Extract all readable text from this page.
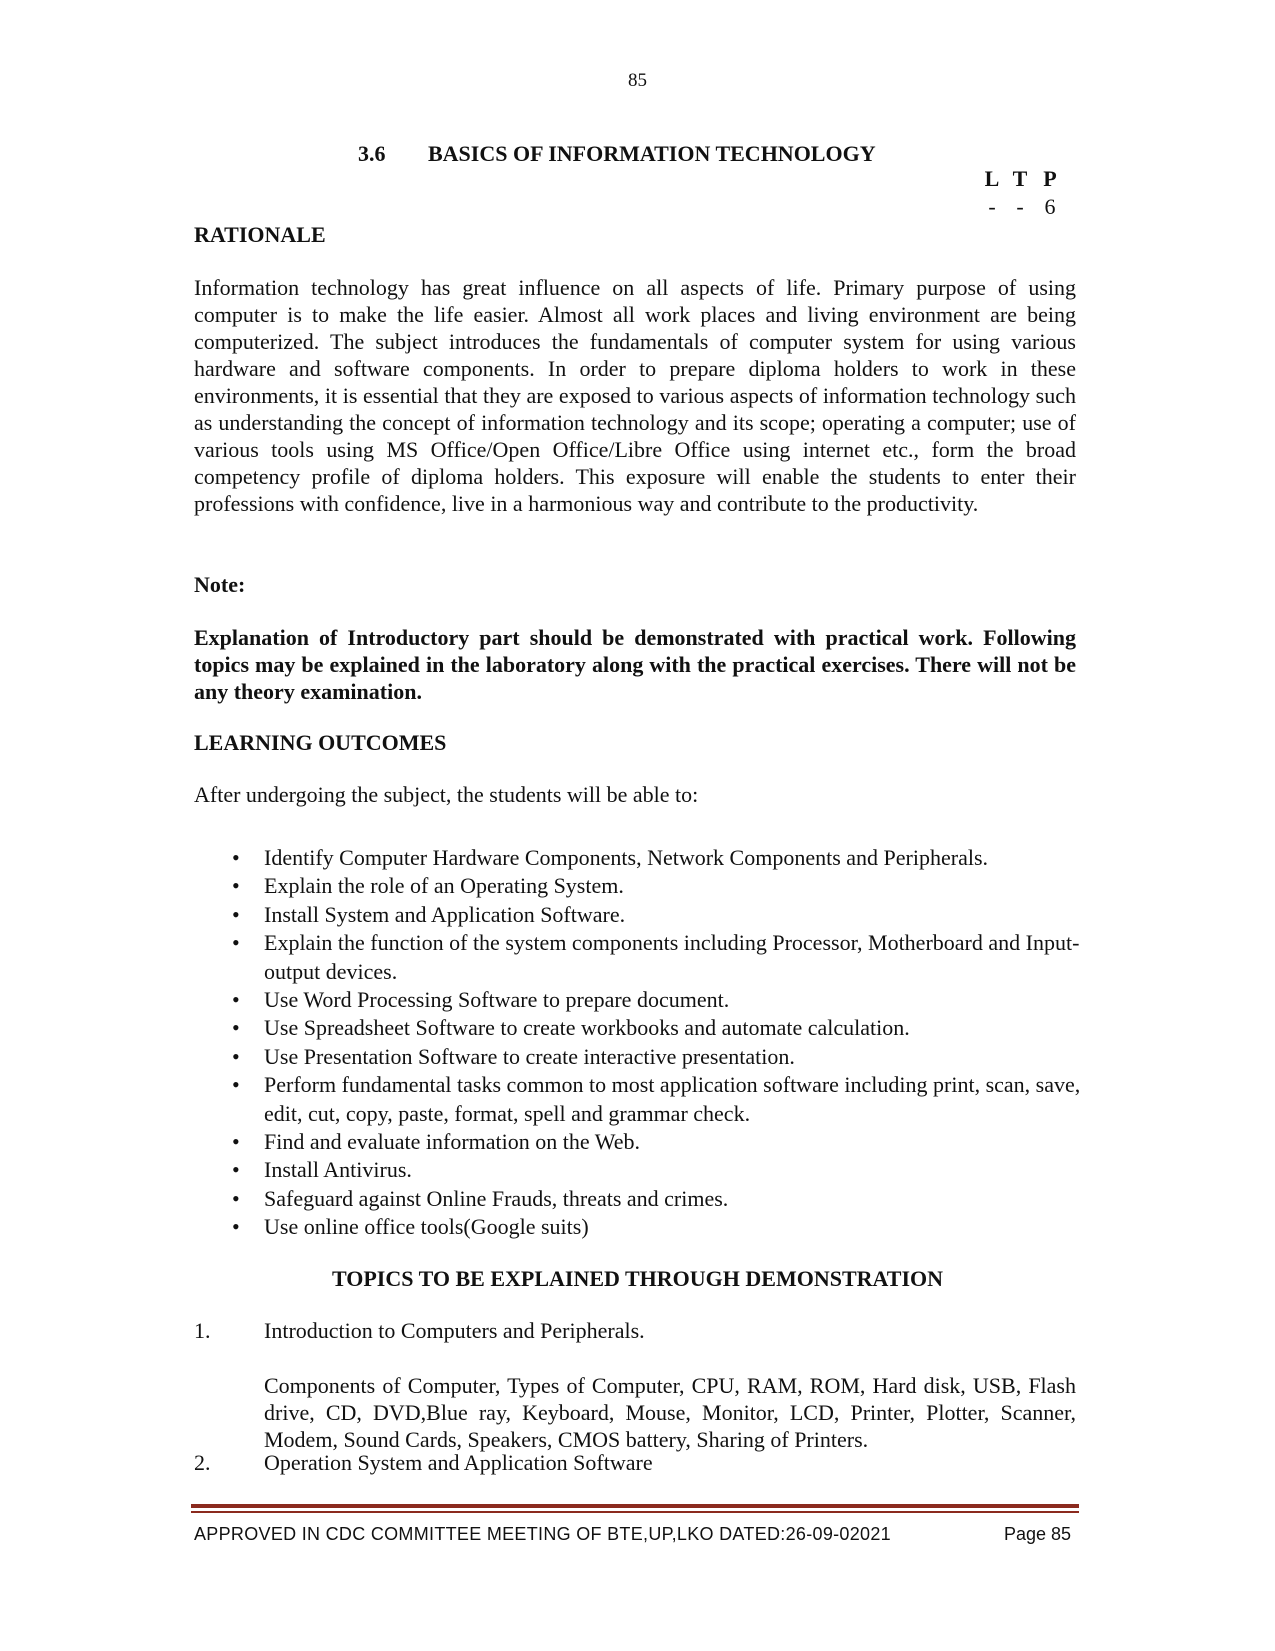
85
3.6 BASICS OF INFORMATION TECHNOLOGY
L T P
- - 6
RATIONALE
Information technology has great influence on all aspects of life. Primary purpose of using computer is to make the life easier. Almost all work places and living environment are being computerized. The subject introduces the fundamentals of computer system for using various hardware and software components. In order to prepare diploma holders to work in these environments, it is essential that they are exposed to various aspects of information technology such as understanding the concept of information technology and its scope; operating a computer; use of various tools using MS Office/Open Office/Libre Office using internet etc., form the broad competency profile of diploma holders. This exposure will enable the students to enter their professions with confidence, live in a harmonious way and contribute to the productivity.
Note:
Explanation of Introductory part should be demonstrated with practical work. Following topics may be explained in the laboratory along with the practical exercises. There will not be any theory examination.
LEARNING OUTCOMES
After undergoing the subject, the students will be able to:
• Identify Computer Hardware Components, Network Components and Peripherals.
• Explain the role of an Operating System.
• Install System and Application Software.
• Explain the function of the system components including Processor, Motherboard and Input-output devices.
• Use Word Processing Software to prepare document.
• Use Spreadsheet Software to create workbooks and automate calculation.
• Use Presentation Software to create interactive presentation.
• Perform fundamental tasks common to most application software including print, scan, save, edit, cut, copy, paste, format, spell and grammar check.
• Find and evaluate information on the Web.
• Install Antivirus.
• Safeguard against Online Frauds, threats and crimes.
• Use online office tools(Google suits)
TOPICS TO BE EXPLAINED THROUGH DEMONSTRATION
1. Introduction to Computers and Peripherals.
Components of Computer, Types of Computer, CPU, RAM, ROM, Hard disk, USB, Flash drive, CD, DVD,Blue ray, Keyboard, Mouse, Monitor, LCD, Printer, Plotter, Scanner, Modem, Sound Cards, Speakers, CMOS battery, Sharing of Printers.
2. Operation System and Application Software
APPROVED IN CDC COMMITTEE MEETING OF BTE,UP,LKO DATED:26-09-02021	Page 85
